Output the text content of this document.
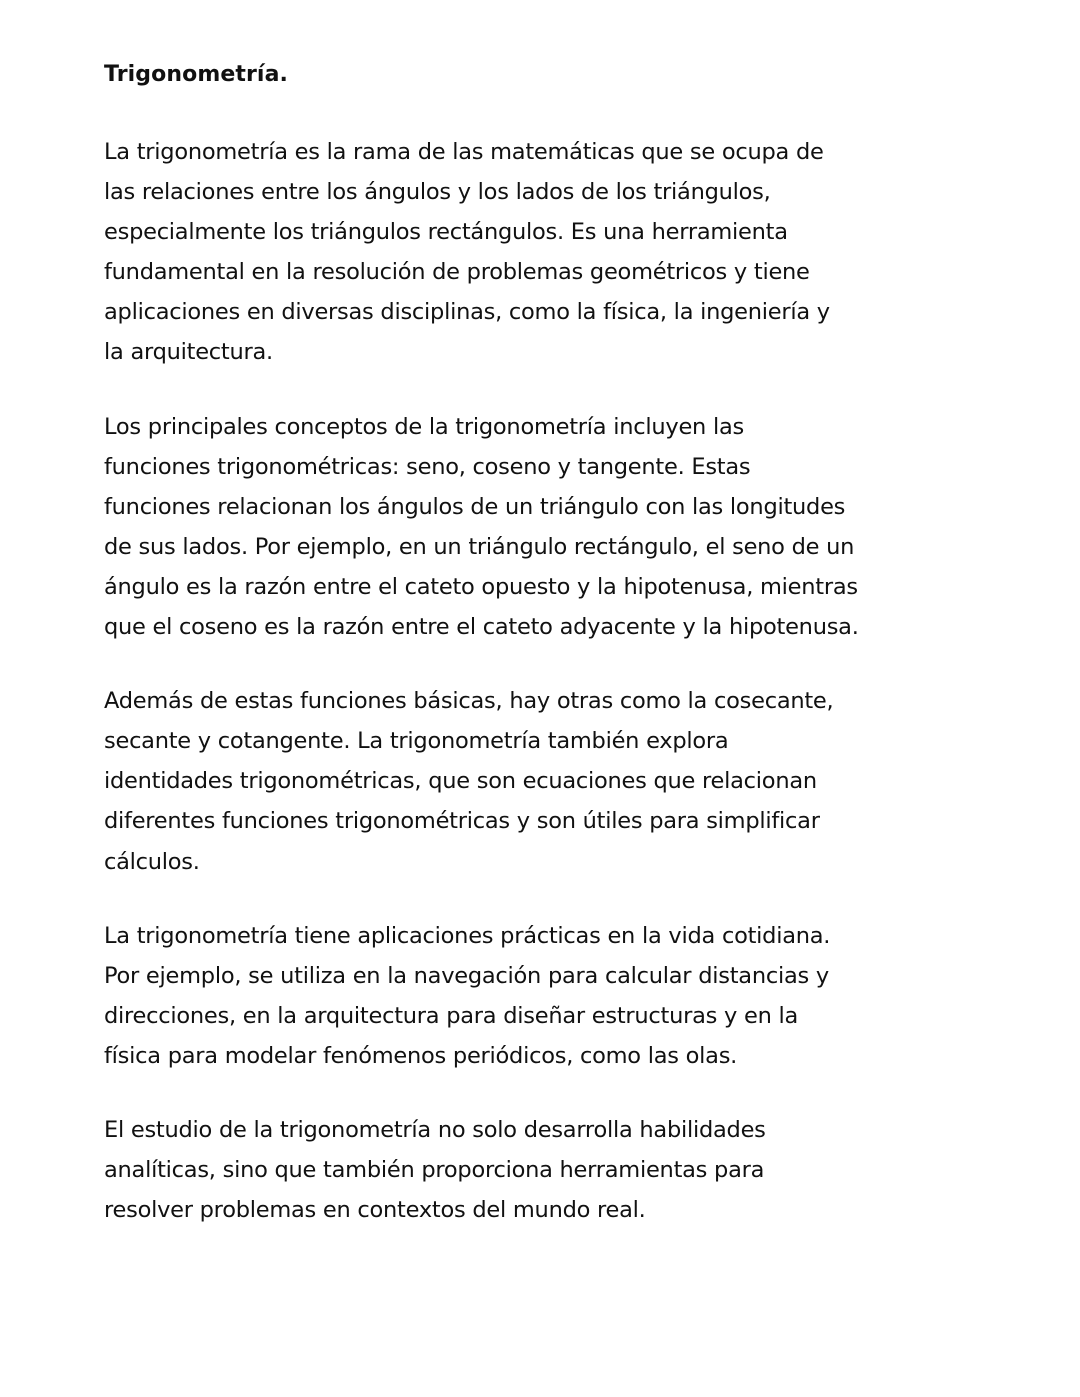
Trigonometría.

La trigonometría es la rama de las matemáticas que se ocupa de
las relaciones entre los ángulos y los lados de los triángulos,
especialmente los triángulos rectángulos. Es una herramienta
fundamental en la resolución de problemas geométricos y tiene
aplicaciones en diversas disciplinas, como la física, la ingeniería y
la arquitectura.

Los principales conceptos de la trigonometría incluyen las
funciones trigonométricas: seno, coseno y tangente. Estas
funciones relacionan los ángulos de un triángulo con las longitudes
de sus lados. Por ejemplo, en un triángulo rectángulo, el seno de un
ángulo es la razón entre el cateto opuesto y la hipotenusa, mientras
que el coseno es la razón entre el cateto adyacente y la hipotenusa.

Además de estas funciones básicas, hay otras como la cosecante,
secante y cotangente. La trigonometría también explora
identidades trigonométricas, que son ecuaciones que relacionan
diferentes funciones trigonométricas y son útiles para simplificar
cálculos.

La trigonometría tiene aplicaciones prácticas en la vida cotidiana.
Por ejemplo, se utiliza en la navegación para calcular distancias y
direcciones, en la arquitectura para diseñar estructuras y en la
física para modelar fenómenos periódicos, como las olas.

El estudio de la trigonometría no solo desarrolla habilidades
analíticas, sino que también proporciona herramientas para
resolver problemas en contextos del mundo real.
